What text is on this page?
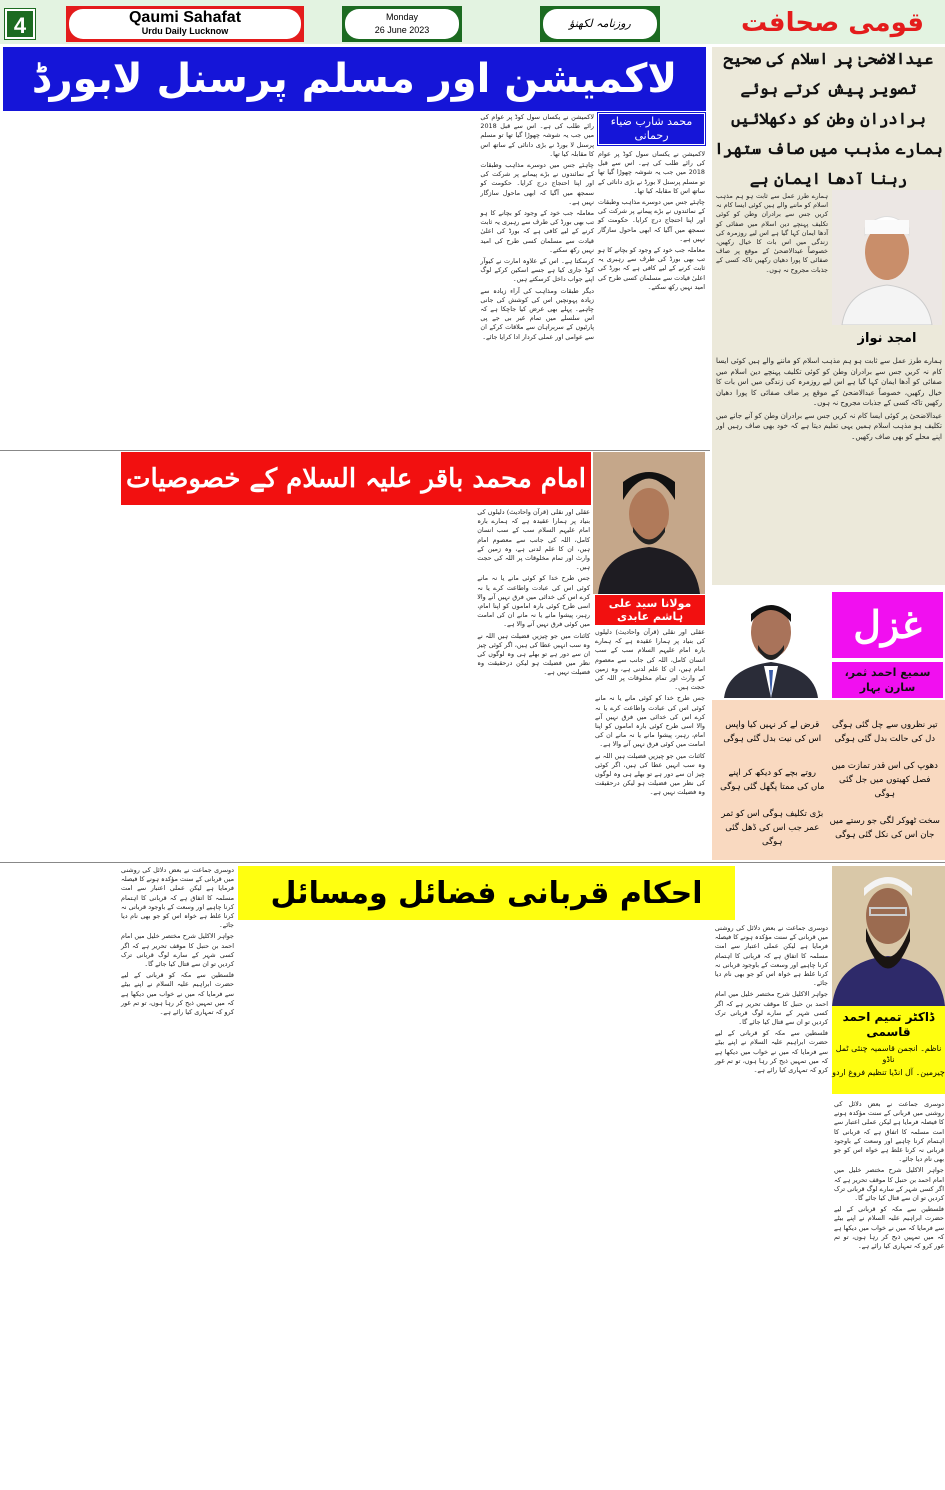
4	Qaumi Sahafat
Urdu Daily Lucknow
Monday
26 June 2023	روزنامہ لکھنؤ	قومی صحافت
لاکمیشن اور مسلم پرسنل لابورڈ
محمد شارب ضیاء رحمانی

لاکمیشن نے یکساں سول کوڈ پر عوام کی رائے طلب کی ہے۔ اس سے قبل 2018 میں جب یہ شوشہ چھوڑا گیا تھا تو مسلم پرسنل لا بورڈ نے بڑی دانائی کے ساتھ اس کا مقابلہ کیا تھا۔

چاہئے جس میں دوسرے مذاہب وطبقات کے نمائندوں نے بڑے پیمانے پر شرکت کی اور اپنا احتجاج درج کرایا۔ حکومت کو سمجھ میں آگیا کہ ابھی ماحول سازگار نہیں ہے۔

معاملہ جب خود کے وجود کو بچانے کا ہو تب بھی بورڈ کی طرف سے رہبری یہ ثابت کرنے کے لیے کافی ہے کہ بورڈ کی اعلیٰ قیادت سے مسلمان کسی طرح کی امید نہیں رکھ سکتے۔

لاکمیشن نے یکساں سول کوڈ پر عوام کی رائے طلب کی ہے۔ اس سے قبل 2018 میں جب یہ شوشہ چھوڑا گیا تھا تو مسلم پرسنل لا بورڈ نے بڑی دانائی کے ساتھ اس کا مقابلہ کیا تھا۔

چاہئے جس میں دوسرے مذاہب وطبقات کے نمائندوں نے بڑے پیمانے پر شرکت کی اور اپنا احتجاج درج کرایا۔ حکومت کو سمجھ میں آگیا کہ ابھی ماحول سازگار نہیں ہے۔

معاملہ جب خود کے وجود کو بچانے کا ہو تب بھی بورڈ کی طرف سے رہبری یہ ثابت کرنے کے لیے کافی ہے کہ بورڈ کی اعلیٰ قیادت سے مسلمان کسی طرح کی امید نہیں رکھ سکتے۔

کرسکتا ہے۔ اس کے علاوہ امارت نے کیوآر کوڈ جاری کیا ہے جسے اسکین کرکے لوگ اپنے جواب داخل کرسکتے ہیں۔

دیگر طبقات ومذاہب کی آراء زیادہ سے زیادہ پہونچیں اس کی کوشش کی جانی چاہیے۔ پہلے بھی عرض کیا جاچکا ہے کہ اس سلسلے میں تمام غیر بی جے پی پارٹیوں کے سربراہان سے ملاقات کرکے ان سے عوامی اور عملی کردار ادا کرایا جائے۔

عیدالاضحیٰ پر اسلام کی صحیح تصویر پیش کرتے ہوئے برادران وطن کو دکھلائیں ہمارے مذہب میں صاف ستھرا رہنا آدھا ایمان ہے
امجد نواز

ہمارے طرز عمل سے ثابت ہو ہم مذہب اسلام کو ماننے والے ہیں کوئی ایسا کام نہ کریں جس سے برادران وطن کو کوئی تکلیف پہنچے دین اسلام میں صفائی کو آدھا ایمان کہا گیا ہے اس لیے روزمرہ کی زندگی میں اس بات کا خیال رکھیں، خصوصاً عیدالاضحیٰ کے موقع پر صاف صفائی کا پورا دھیان رکھیں تاکہ کسی کے جذبات مجروح نہ ہوں۔

ہمارے طرز عمل سے ثابت ہو ہم مذہب اسلام کو ماننے والے ہیں کوئی ایسا کام نہ کریں جس سے برادران وطن کو کوئی تکلیف پہنچے دین اسلام میں صفائی کو آدھا ایمان کہا گیا ہے اس لیے روزمرہ کی زندگی میں اس بات کا خیال رکھیں، خصوصاً عیدالاضحیٰ کے موقع پر صاف صفائی کا پورا دھیان رکھیں تاکہ کسی کے جذبات مجروح نہ ہوں۔

عیدالاضحیٰ پر کوئی ایسا کام نہ کریں جس سے برادران وطن کو آنے جانے میں تکلیف ہو مذہب اسلام ہمیں یہی تعلیم دیتا ہے کہ خود بھی صاف رہیں اور اپنے محلے کو بھی صاف رکھیں۔

امام محمد باقر علیہ السلام کے خصوصیات
مولانا سید علی ہاشم عابدی

عقلی اور نقلی (قرآن واحادیث) دلیلوں کی بنیاد پر ہمارا عقیدہ ہے کہ ہمارے بارہ امام علیہم السلام سب کے سب انسان کامل، اللہ کی جانب سے معصوم امام ہیں، ان کا علم لدنی ہے، وہ زمین کے وارث اور تمام مخلوقات پر اللہ کی حجت ہیں۔

جس طرح خدا کو کوئی مانے یا نہ مانے کوئی اس کی عبادت واطاعت کرے یا نہ کرے اس کی خدائی میں فرق نہیں آنے والا اسی طرح کوئی بارہ اماموں کو اپنا امام، رہبر، پیشوا مانے یا نہ مانے ان کی امامت میں کوئی فرق نہیں آنے والا ہے۔

کائنات میں جو چیزیں فضیلت ہیں اللہ نے وہ سب انہیں عطا کی ہیں، اگر کوئی چیز ان سے دور ہے تو بھلے ہی وہ لوگوں کی نظر میں فضیلت ہو لیکن درحقیقت وہ فضیلت نہیں ہے۔

عقلی اور نقلی (قرآن واحادیث) دلیلوں کی بنیاد پر ہمارا عقیدہ ہے کہ ہمارے بارہ امام علیہم السلام سب کے سب انسان کامل، اللہ کی جانب سے معصوم امام ہیں، ان کا علم لدنی ہے، وہ زمین کے وارث اور تمام مخلوقات پر اللہ کی حجت ہیں۔

جس طرح خدا کو کوئی مانے یا نہ مانے کوئی اس کی عبادت واطاعت کرے یا نہ کرے اس کی خدائی میں فرق نہیں آنے والا اسی طرح کوئی بارہ اماموں کو اپنا امام، رہبر، پیشوا مانے یا نہ مانے ان کی امامت میں کوئی فرق نہیں آنے والا ہے۔

کائنات میں جو چیزیں فضیلت ہیں اللہ نے وہ سب انہیں عطا کی ہیں، اگر کوئی چیز ان سے دور ہے تو بھلے ہی وہ لوگوں کی نظر میں فضیلت ہو لیکن درحقیقت وہ فضیلت نہیں ہے۔

غزل
سمیع احمد ثمر، سارن بہار
تیر نظروں سے چل گئی ہوگی
دل کی حالت بدل گئی ہوگی
قرض لے کر نہیں کیا واپس
اس کی نیت بدل گئی ہوگی
دھوپ کی اس قدر تمازت میں
فصل کھیتوں میں جل گئی ہوگی
روتے بچے کو دیکھ کر اپنے
ماں کی ممتا پگھل گئی ہوگی
سخت ٹھوکر لگی جو رستے میں
جان اس کی نکل گئی ہوگی
بڑی تکلیف ہوگی اس کو ثمر
عمر جب اس کی ڈھل گئی ہوگی
احکام قربانی فضائل ومسائل

دوسری جماعت نے بعض دلائل کی روشنی میں قربانی کے سنت مؤکدہ ہونے کا فیصلہ فرمایا ہے لیکن عملی اعتبار سے امت مسلمہ کا اتفاق ہے کہ قربانی کا اہتمام کرنا چاہیے اور وسعت کے باوجود قربانی نہ کرنا غلط ہے خواہ اس کو جو بھی نام دیا جائے۔

جواہر الاکلیل شرح مختصر خلیل میں امام احمد بن حنبل کا موقف تحریر ہے کہ اگر کسی شہر کے سارے لوگ قربانی ترک کردیں تو ان سے قتال کیا جائے گا۔

فلسطین سے مکہ کو قربانی کے لیے حضرت ابراہیم علیہ السلام نے اپنے بیٹے سے فرمایا کہ میں نے خواب میں دیکھا ہے کہ میں تمہیں ذبح کر رہا ہوں، تو تم غور کرو کہ تمہاری کیا رائے ہے۔

دوسری جماعت نے بعض دلائل کی روشنی میں قربانی کے سنت مؤکدہ ہونے کا فیصلہ فرمایا ہے لیکن عملی اعتبار سے امت مسلمہ کا اتفاق ہے کہ قربانی کا اہتمام کرنا چاہیے اور وسعت کے باوجود قربانی نہ کرنا غلط ہے خواہ اس کو جو بھی نام دیا جائے۔

جواہر الاکلیل شرح مختصر خلیل میں امام احمد بن حنبل کا موقف تحریر ہے کہ اگر کسی شہر کے سارے لوگ قربانی ترک کردیں تو ان سے قتال کیا جائے گا۔

فلسطین سے مکہ کو قربانی کے لیے حضرت ابراہیم علیہ السلام نے اپنے بیٹے سے فرمایا کہ میں نے خواب میں دیکھا ہے کہ میں تمہیں ذبح کر رہا ہوں، تو تم غور کرو کہ تمہاری کیا رائے ہے۔

ڈاکٹر تمیم احمد قاسمی
ناظم۔ انجمن قاسمیہ چنئی ٹمل ناڈو
چیرمین۔ آل انڈیا تنظیم فروغ اردو

دوسری جماعت نے بعض دلائل کی روشنی میں قربانی کے سنت مؤکدہ ہونے کا فیصلہ فرمایا ہے لیکن عملی اعتبار سے امت مسلمہ کا اتفاق ہے کہ قربانی کا اہتمام کرنا چاہیے اور وسعت کے باوجود قربانی نہ کرنا غلط ہے خواہ اس کو جو بھی نام دیا جائے۔

جواہر الاکلیل شرح مختصر خلیل میں امام احمد بن حنبل کا موقف تحریر ہے کہ اگر کسی شہر کے سارے لوگ قربانی ترک کردیں تو ان سے قتال کیا جائے گا۔

فلسطین سے مکہ کو قربانی کے لیے حضرت ابراہیم علیہ السلام نے اپنے بیٹے سے فرمایا کہ میں نے خواب میں دیکھا ہے کہ میں تمہیں ذبح کر رہا ہوں، تو تم غور کرو کہ تمہاری کیا رائے ہے۔
